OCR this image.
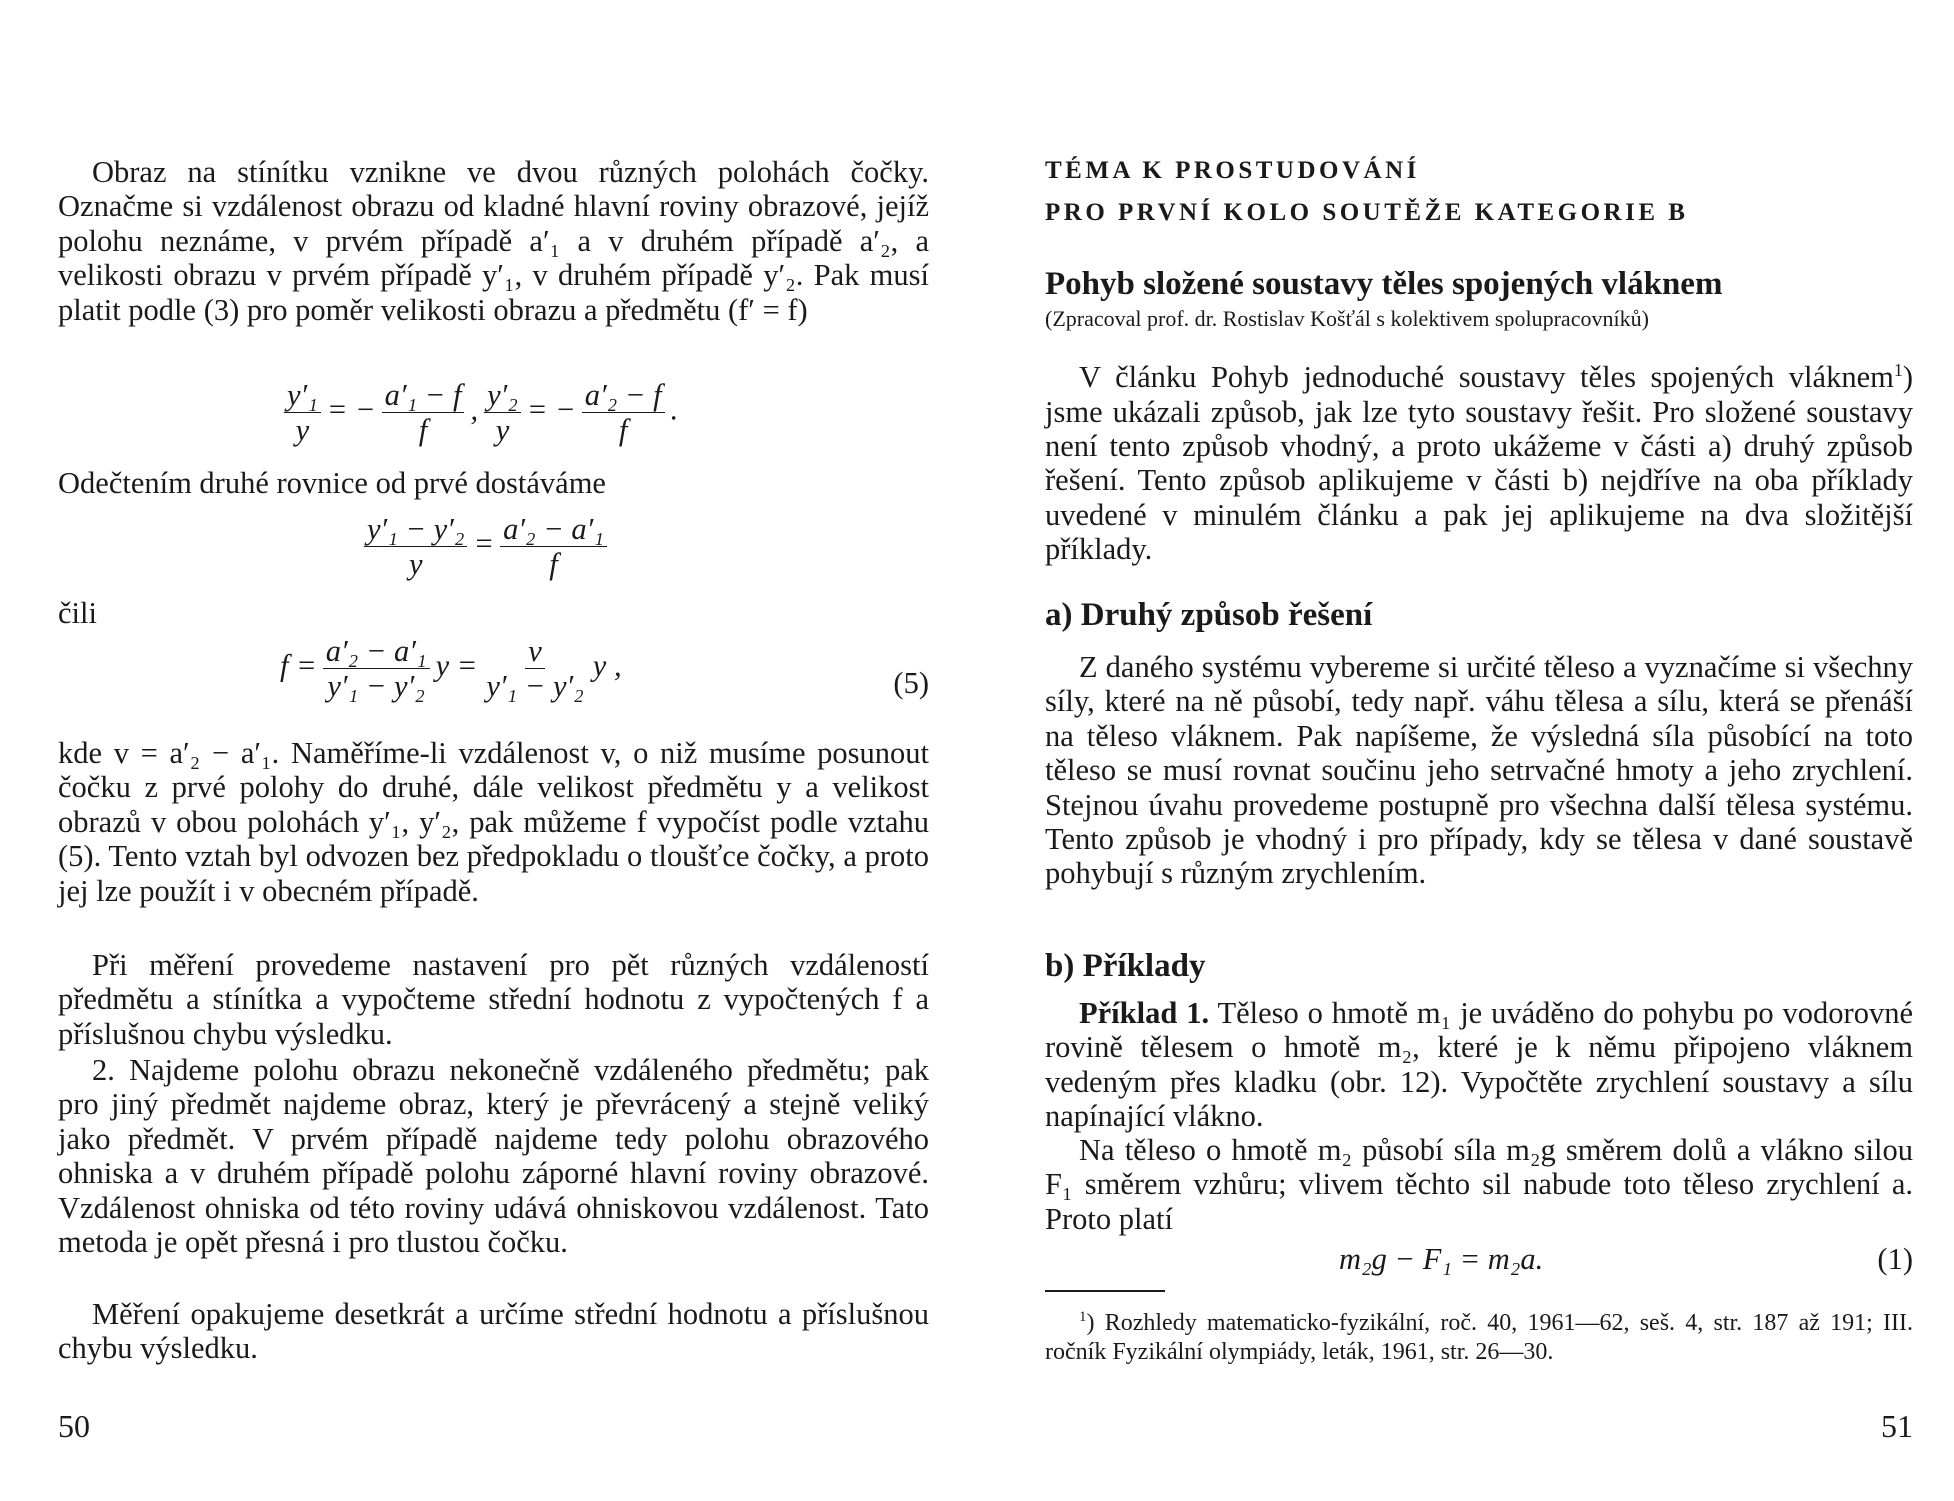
Obraz na stínítku vznikne ve dvou různých polohách čočky. Označme si vzdálenost obrazu od kladné hlavní roviny obrazové, jejíž polohu neznáme, v prvém případě a′₁ a v druhém případě a′₂, a velikosti obrazu v prvém případě y′₁, v druhém případě y′₂. Pak musí platit podle (3) pro poměr velikosti obrazu a předmětu (f′ = f)

$\frac{\text{y′₁}}{y}$ = − $\frac{\text{a′₁ − f}}{f}$ , $\frac{\text{y′₂}}{y}$ = − $\frac{\text{a′₂ − f}}{f}$ .

Odečtením druhé rovnice od prvé dostáváme

$\frac{\text{y′₁ − y′₂}}{y} = \frac{\text{a′₂ − a′₁}}{f}$

čili

$f = \frac{\text{a′₂ − a′₁}}{\text{y′₁ − y′₂}}$ $y = \frac{v}{\text{y′₁ − y′₂}}$ y ,
(5)

kde v = a′₂ − a′₁. Naměříme-li vzdálenost v, o niž musíme posunout čočku z prvé polohy do druhé, dále velikost předmětu y a velikost obrazů v obou polohách y′₁, y′₂, pak můžeme f vypočíst podle vztahu (5). Tento vztah byl odvozen bez předpokladu o tloušťce čočky, a proto jej lze použít i v obecném případě.

Při měření provedeme nastavení pro pět různých vzdáleností předmětu a stínítka a vypočteme střední hodnotu z vypočtených f a příslušnou chybu výsledku.

2. Najdeme polohu obrazu nekonečně vzdáleného předmětu; pak pro jiný předmět najdeme obraz, který je převrácený a stejně veliký jako předmět. V prvém případě najdeme tedy polohu obrazového ohniska a v druhém případě polohu záporné hlavní roviny obrazové. Vzdálenost ohniska od této roviny udává ohniskovou vzdálenost. Tato metoda je opět přesná i pro tlustou čočku.

Měření opakujeme desetkrát a určíme střední hodnotu a příslušnou chybu výsledku.

50
TÉMA K PROSTUDOVÁNÍ
PRO PRVNÍ KOLO SOUTĚŽE KATEGORIE B
Pohyb složené soustavy těles spojených vláknem
(Zpracoval prof. dr. Rostislav Košťál s kolektivem spolupracovníků)

V článku Pohyb jednoduché soustavy těles spojených vláknem$^1$) jsme ukázali způsob, jak lze tyto soustavy řešit. Pro složené soustavy není tento způsob vhodný, a proto ukážeme v části a) druhý způsob řešení. Tento způsob aplikujeme v části b) nejdříve na oba příklady uvedené v minulém článku a pak jej aplikujeme na dva složitější příklady.

a) Druhý způsob řešení

Z daného systému vybereme si určité těleso a vyznačíme si všechny síly, které na ně působí, tedy např. váhu tělesa a sílu, která se přenáší na těleso vláknem. Pak napíšeme, že výsledná síla působící na toto těleso se musí rovnat součinu jeho setrvačné hmoty a jeho zrychlení. Stejnou úvahu provedeme postupně pro všechna další tělesa systému. Tento způsob je vhodný i pro případy, kdy se tělesa v dané soustavě pohybují s různým zrychlením.

b) Příklady

Příklad 1. Těleso o hmotě m₁ je uváděno do pohybu po vodorovné rovině tělesem o hmotě m₂, které je k němu připojeno vláknem vedeným přes kladku (obr. 12). Vypočtěte zrychlení soustavy a sílu napínající vlákno.

Na těleso o hmotě m₂ působí síla m₂g směrem dolů a vlákno silou F₁ směrem vzhůru; vlivem těchto sil nabude toto těleso zrychlení a. Proto platí

m₂g − F₁ = m₂a.	(1)

$^1$) Rozhledy matematicko-fyzikální, roč. 40, 1961—62, seš. 4, str. 187 až 191; III. ročník Fyzikální olympiády, leták, 1961, str. 26—30.

51
